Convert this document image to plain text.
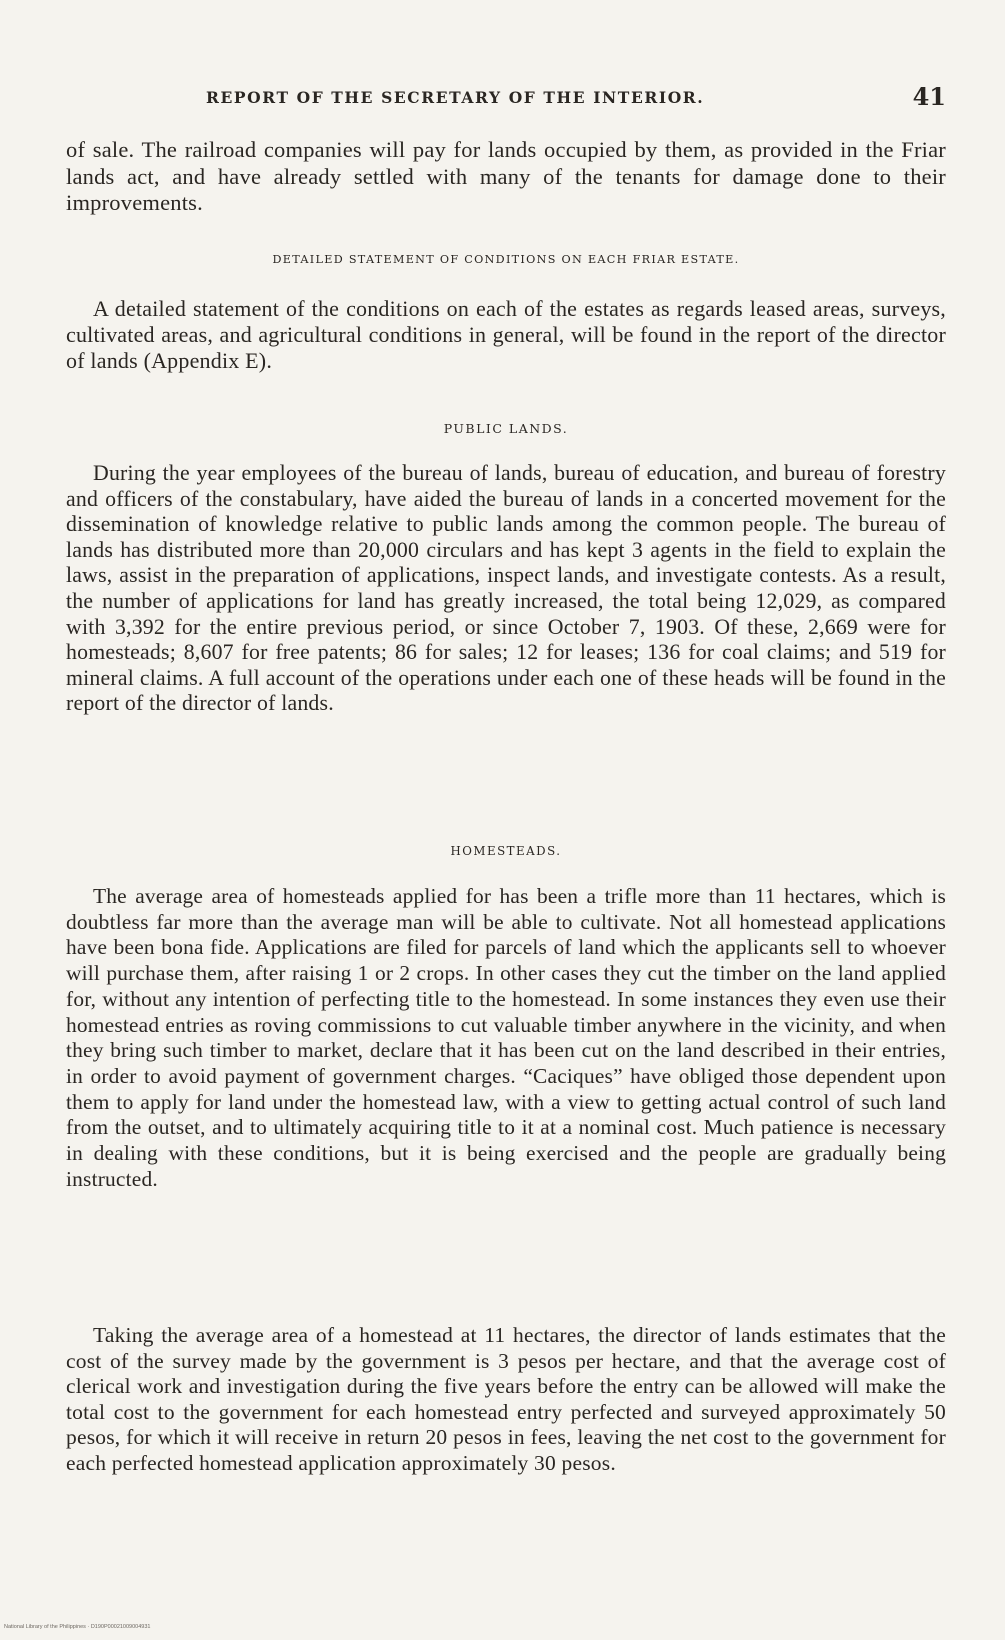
REPORT OF THE SECRETARY OF THE INTERIOR.	41

of sale. The railroad companies will pay for lands occupied by them, as provided in the Friar lands act, and have already settled with many of the tenants for damage done to their improvements.

DETAILED STATEMENT OF CONDITIONS ON EACH FRIAR ESTATE.

A detailed statement of the conditions on each of the estates as regards leased areas, surveys, cultivated areas, and agricultural conditions in general, will be found in the report of the director of lands (Appendix E).

PUBLIC LANDS.

During the year employees of the bureau of lands, bureau of education, and bureau of forestry and officers of the constabulary, have aided the bureau of lands in a concerted movement for the dissemination of knowledge relative to public lands among the common people. The bureau of lands has distributed more than 20,000 circulars and has kept 3 agents in the field to explain the laws, assist in the preparation of applications, inspect lands, and investigate contests. As a result, the number of applications for land has greatly increased, the total being 12,029, as compared with 3,392 for the entire previous period, or since October 7, 1903. Of these, 2,669 were for homesteads; 8,607 for free patents; 86 for sales; 12 for leases; 136 for coal claims; and 519 for mineral claims. A full account of the operations under each one of these heads will be found in the report of the director of lands.

HOMESTEADS.

The average area of homesteads applied for has been a trifle more than 11 hectares, which is doubtless far more than the average man will be able to cultivate. Not all homestead applications have been bona fide. Applications are filed for parcels of land which the applicants sell to whoever will purchase them, after raising 1 or 2 crops. In other cases they cut the timber on the land applied for, without any intention of perfecting title to the homestead. In some instances they even use their homestead entries as roving commissions to cut valuable timber anywhere in the vicinity, and when they bring such timber to market, declare that it has been cut on the land described in their entries, in order to avoid payment of government charges. “Caciques” have obliged those dependent upon them to apply for land under the homestead law, with a view to getting actual control of such land from the outset, and to ultimately acquiring title to it at a nominal cost. Much patience is necessary in dealing with these conditions, but it is being exercised and the people are gradually being instructed.

Taking the average area of a homestead at 11 hectares, the director of lands estimates that the cost of the survey made by the government is 3 pesos per hectare, and that the average cost of clerical work and investigation during the five years before the entry can be allowed will make the total cost to the government for each homestead entry perfected and surveyed approximately 50 pesos, for which it will receive in return 20 pesos in fees, leaving the net cost to the government for each perfected homestead application approximately 30 pesos.

National Library of the Philippines · D190P00021009004931
